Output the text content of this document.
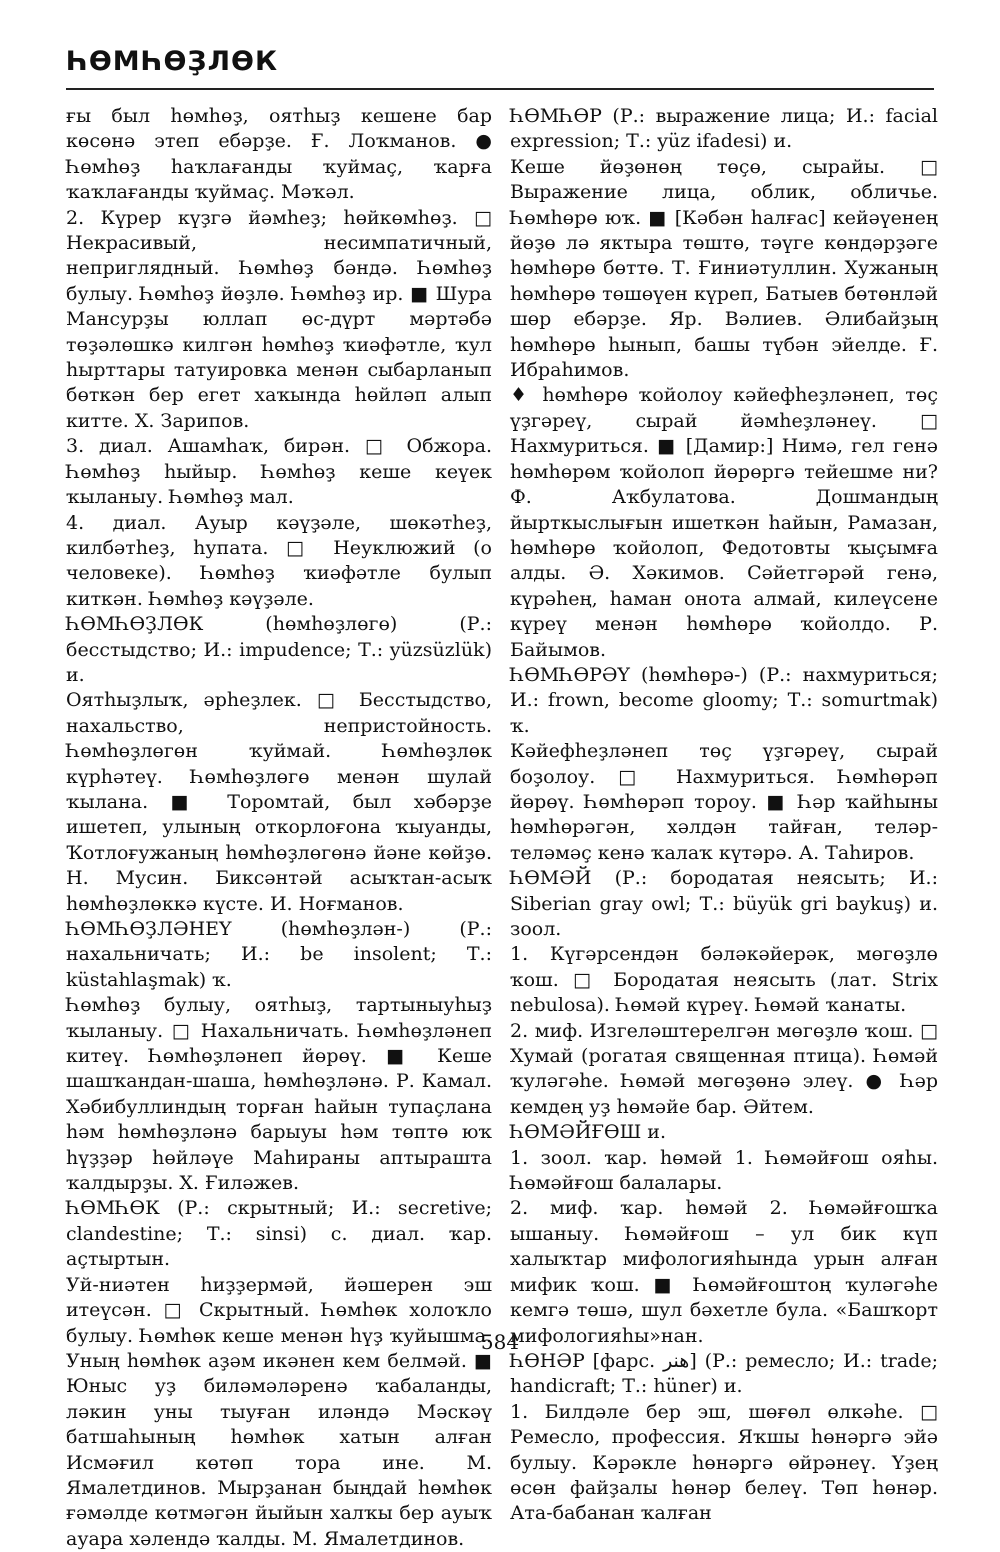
ҺӨМҺӨҘЛӨК

ғы был һөмһөҙ, оятһыҙ кешене бар көсөнә этеп ебәрҙе. Ғ. Лоҡманов. ● Һөмһөҙ һаҡлағанды ҡуймаҫ, ҡарға ҡаҡлағанды ҡуймаҫ. Мәҡәл.

2. Күрер күҙгә йәмһеҙ; һөйкөмһөҙ. □ Некрасивый, несимпатичный, неприглядный. Һөмһөҙ бәндә. Һөмһөҙ булыу. Һөмһөҙ йөҙлө. Һөмһөҙ ир. ■ Шура Мансурҙы юллап өс-дүрт мәртәбә төҙәлөшкә килгән һөмһөҙ ҡиәфәтле, ҡул һырттары татуировка менән сыбарланып бөткән бер егет хаҡында һөйләп алып китте. Х. Зарипов.

3. диал. Ашамһаҡ, бирән. □ Обжора. Һөмһөҙ һыйыр. Һөмһөҙ кеше кеүек ҡыланыу. Һөмһөҙ мал.

4. диал. Ауыр кәүҙәле, шөкәтһеҙ, килбәтһеҙ, һупата. □ Неуклюжий (о человеке). Һөмһөҙ ҡиәфәтле булып киткән. Һөмһөҙ кәүҙәле.

ҺӨМҺӨҘЛӨК (һөмһөҙлөгө) (Р.: бесстыдство; И.: impudence; Т.: yüzsüzlük) и.

Оятһыҙлыҡ, әрһеҙлек. □ Бесстыдство, нахальство, непристойность. Һөмһөҙлөгөн ҡуймай. Һөмһөҙлөк күрһәтеү. Һөмһөҙлөгө менән шулай ҡылана. ■ Торомтай, был хәбәрҙе ишетеп, улының откорлоғона ҡыуанды, Ҡотлоғужаның һөмһөҙлөгөнә йәне көйҙө. Н. Мусин. Биксәнтәй асыҡтан-асыҡ һөмһөҙлөккә күсте. И. Ноғманов.

ҺӨМҺӨҘЛӘНЕҮ (һөмһөҙлән-) (Р.: нахальничать; И.: be insolent; Т.: küstahlaşmak) ҡ.

Һөмһөҙ булыу, оятһыҙ, тартыныуһыҙ ҡыланыу. □ Нахальничать. Һөмһөҙләнеп китеү. Һөмһөҙләнеп йөрөү. ■ Кеше шашҡандан-шаша, һөмһөҙләнә. Р. Камал. Хәбибуллиндың торған һайын тупаҫлана һәм һөмһөҙләнә барыуы һәм төптө юҡ һүҙҙәр һөйләүе Маһираны аптырашта ҡалдырҙы. Х. Ғиләжев.

ҺӨМҺӨК (Р.: скрытный; И.: secretive; clandestine; Т.: sinsi) с. диал. ҡар. аҫтыртын.

Уй-ниәтен һиҙҙермәй, йәшерен эш итеүсән. □ Скрытный. Һөмһөк холоҡло булыу. Һөмһөк кеше менән һүҙ ҡуйышма. Уның һөмһөк аҙәм икәнен кем белмәй. ■ Юныс уҙ биләмәләренә ҡабаланды, ләкин уны тыуған иләндә Мәскәү батшаһының һөмһөк хатын алған Исмәғил көтөп тора ине. М. Ямалетдинов. Мырҙанан быңдай һөмһөк ғәмәлде көтмәгән йыйын халҡы бер ауыҡ ауара хәлендә ҡалды. М. Ямалетдинов.

ҺӨМҺӨР (Р.: выражение лица; И.: facial expression; Т.: yüz ifadesi) и.

Кеше йөҙөнөң төҫө, сырайы. □ Выражение лица, облик, обличье. Һөмһөрө юҡ. ■ [Кәбән һалғас] кейәүенең йөҙө лә яктыра төштө, тәүге көндәрҙәге һөмһөрө бөттө. Т. Ғиниәтуллин. Хужаның һөмһөрө төшөүен күреп, Батыев бөтөнләй шөр ебәрҙе. Яр. Вәлиев. Әлибайҙың һөмһөрө һынып, башы түбән эйелде. Ғ. Ибраһимов.

♦ һөмһөрө ҡойолоу кәйефһеҙләнеп, төҫ үҙгәреү, сырай йәмһеҙләнеү. □ Нахмуриться. ■ [Дамир:] Нимә, гел генә һөмһөрөм ҡойолоп йөрөргә тейешме ни? Ф. Аҡбулатова. Дошмандың йырткыслығын ишеткән һайын, Рамазан, һөмһөрө ҡойолоп, Федотовты ҡыҫымға алды. Ә. Хәкимов. Сәйетгәрәй генә, күрәһең, һаман онота алмай, килеүсене күреү менән һөмһөрө ҡойолдо. Р. Байымов.

ҺӨМҺӨРӘҮ (һөмһөрә-) (Р.: нахмуриться; И.: frown, become gloomy; Т.: somurtmak) ҡ.

Кәйефһеҙләнеп төҫ үҙгәреү, сырай боҙолоу. □ Нахмуриться. Һөмһөрәп йөрөү. Һөмһөрәп тороу. ■ Һәр ҡайһыны һөмһөрәгән, хәлдән тайған, теләр-теләмәҫ кенә ҡалаҡ күтәрә. А. Таһиров.

ҺӨМӘЙ (Р.: бородатая неясыть; И.: Siberian gray owl; Т.: büyük gri baykuş) и. зоол.

1. Күгәрсендән бәләкәйерәк, мөгөҙлө ҡош. □ Бородатая неясыть (лат. Strix nebulosa). Һөмәй күреү. Һөмәй ҡанаты.

2. миф. Изгеләштерелгән мөгөҙлө ҡош. □ Хумай (рогатая священная птица). Һөмәй ҡуләгәһе. Һөмәй мөгөҙөнә элеү. ● Һәр кемдең уҙ һөмәйе бар. Әйтем.

ҺӨМӘЙҒӨШ и.

1. зоол. ҡар. һөмәй 1. Һөмәйғош ояһы. Һөмәйғош балалары.

2. миф. ҡар. һөмәй 2. Һөмәйғошҡа ышаныу. Һөмәйғош – ул бик күп халыҡтар мифологияһында урын алған мифик ҡош. ■ Һөмәйғоштоң ҡуләгәһе кемгә төшә, шул бәхетле була. «Башҡорт мифологияһы»нан.

ҺӨНӘР [фарс. هنر] (Р.: ремесло; И.: trade; handicraft; Т.: hüner) и.

1. Билдәле бер эш, шөғөл өлкәһе. □ Ремесло, профессия. Яҡшы һөнәргә эйә булыу. Кәрәкле һөнәргә өйрәнеү. Үҙең өсөн файҙалы һөнәр белеү. Төп һөнәр. Ата-бабанан ҡалған

584
